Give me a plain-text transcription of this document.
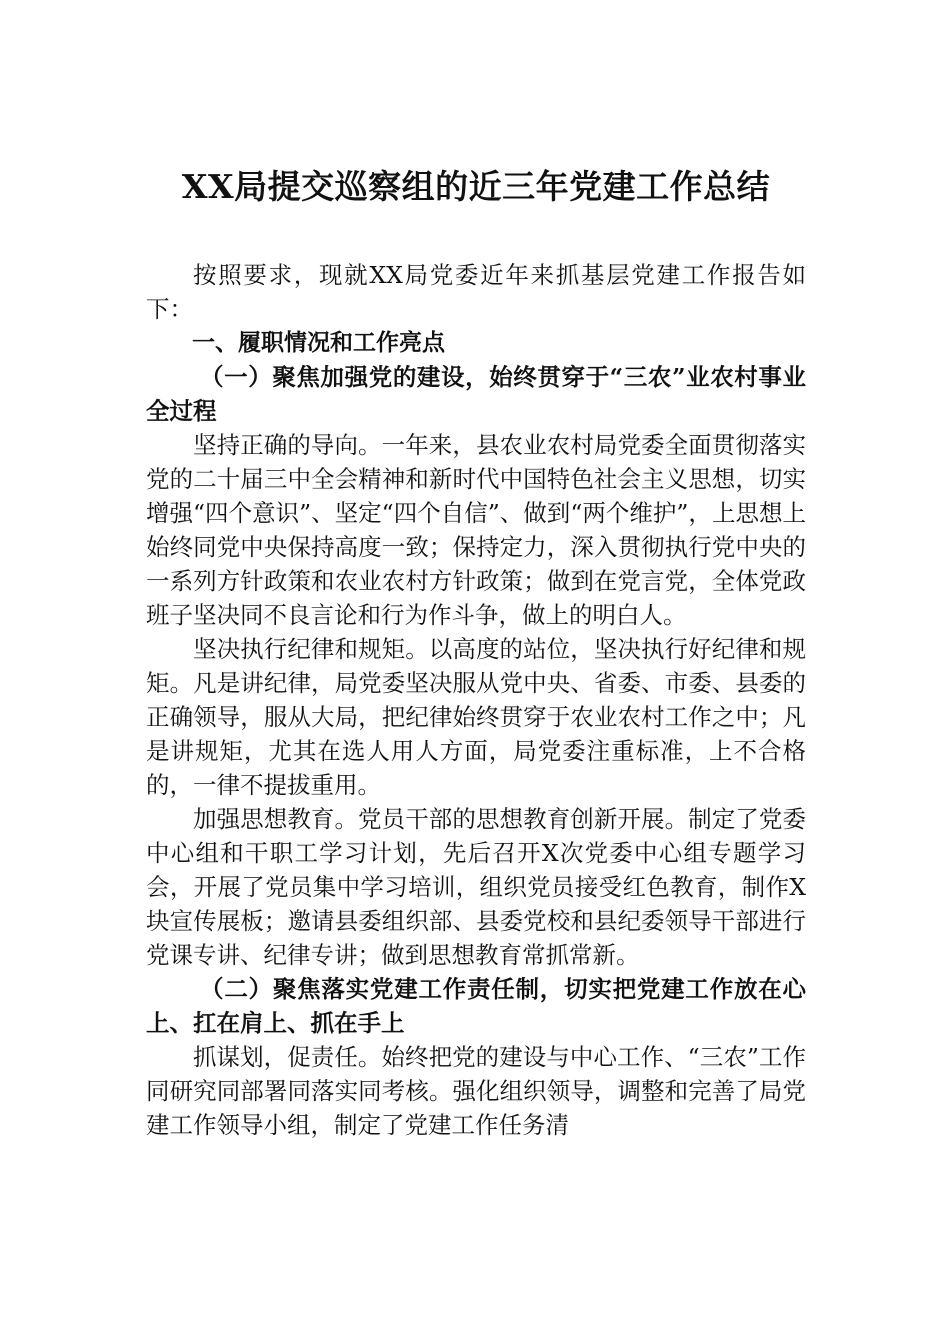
XX局提交巡察组的近三年党建工作总结

按照要求，现就XX局党委近年来抓基层党建工作报告如下：

一、履职情况和工作亮点

（一）聚焦加强党的建设，始终贯穿于“三农”业农村事业全过程

坚持正确的导向。一年来，县农业农村局党委全面贯彻落实党的二十届三中全会精神和新时代中国特色社会主义思想，切实增强“四个意识”、坚定“四个自信”、做到“两个维护”，上思想上始终同党中央保持高度一致；保持定力，深入贯彻执行党中央的一系列方针政策和农业农村方针政策；做到在党言党，全体党政班子坚决同不良言论和行为作斗争，做上的明白人。

坚决执行纪律和规矩。以高度的站位，坚决执行好纪律和规矩。凡是讲纪律，局党委坚决服从党中央、省委、市委、县委的正确领导，服从大局，把纪律始终贯穿于农业农村工作之中；凡是讲规矩，尤其在选人用人方面，局党委注重标准，上不合格的，一律不提拔重用。

加强思想教育。党员干部的思想教育创新开展。制定了党委中心组和干职工学习计划，先后召开X次党委中心组专题学习会，开展了党员集中学习培训，组织党员接受红色教育，制作X块宣传展板；邀请县委组织部、县委党校和县纪委领导干部进行党课专讲、纪律专讲；做到思想教育常抓常新。

（二）聚焦落实党建工作责任制，切实把党建工作放在心上、扛在肩上、抓在手上

抓谋划，促责任。始终把党的建设与中心工作、“三农”工作同研究同部署同落实同考核。强化组织领导，调整和完善了局党建工作领导小组，制定了党建工作任务清
